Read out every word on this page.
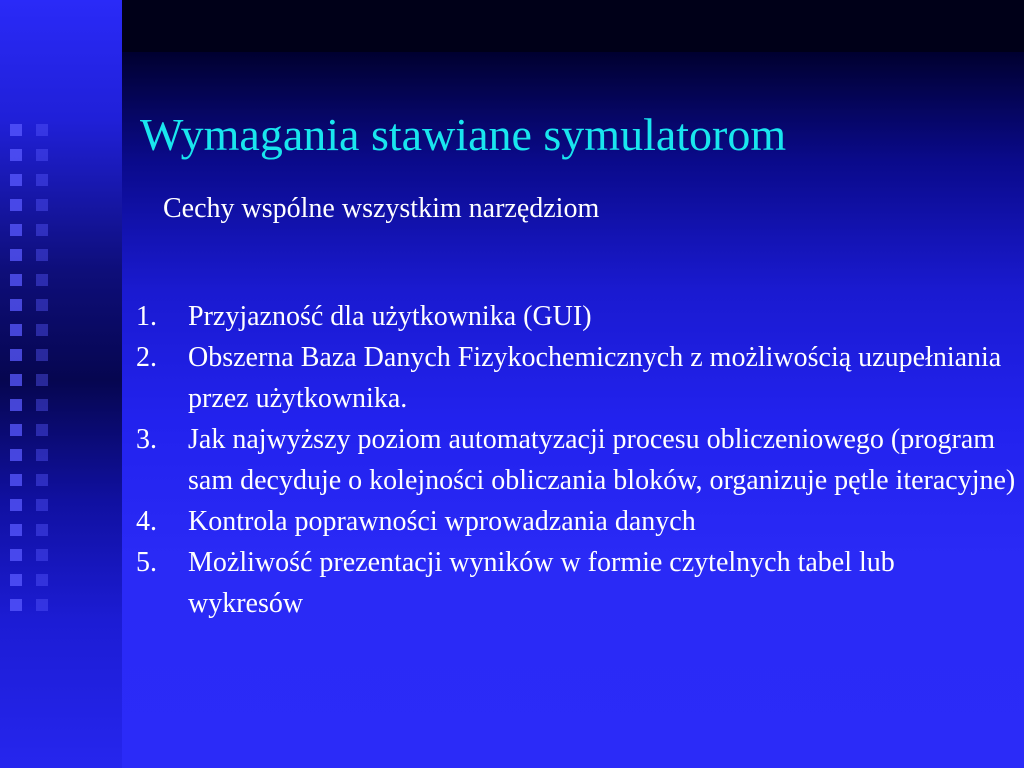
Wymagania stawiane symulatorom

Cechy wspólne wszystkim narzędziom

1.	Przyjazność dla użytkownika (GUI)
2.	Obszerna Baza Danych Fizykochemicznych z możliwością uzupełniania przez użytkownika.
3.	Jak najwyższy poziom automatyzacji procesu obliczeniowego (program sam decyduje o kolejności obliczania bloków, organizuje pętle iteracyjne)
4.	Kontrola poprawności wprowadzania danych
5.	Możliwość prezentacji wyników w formie czytelnych tabel lub wykresów
